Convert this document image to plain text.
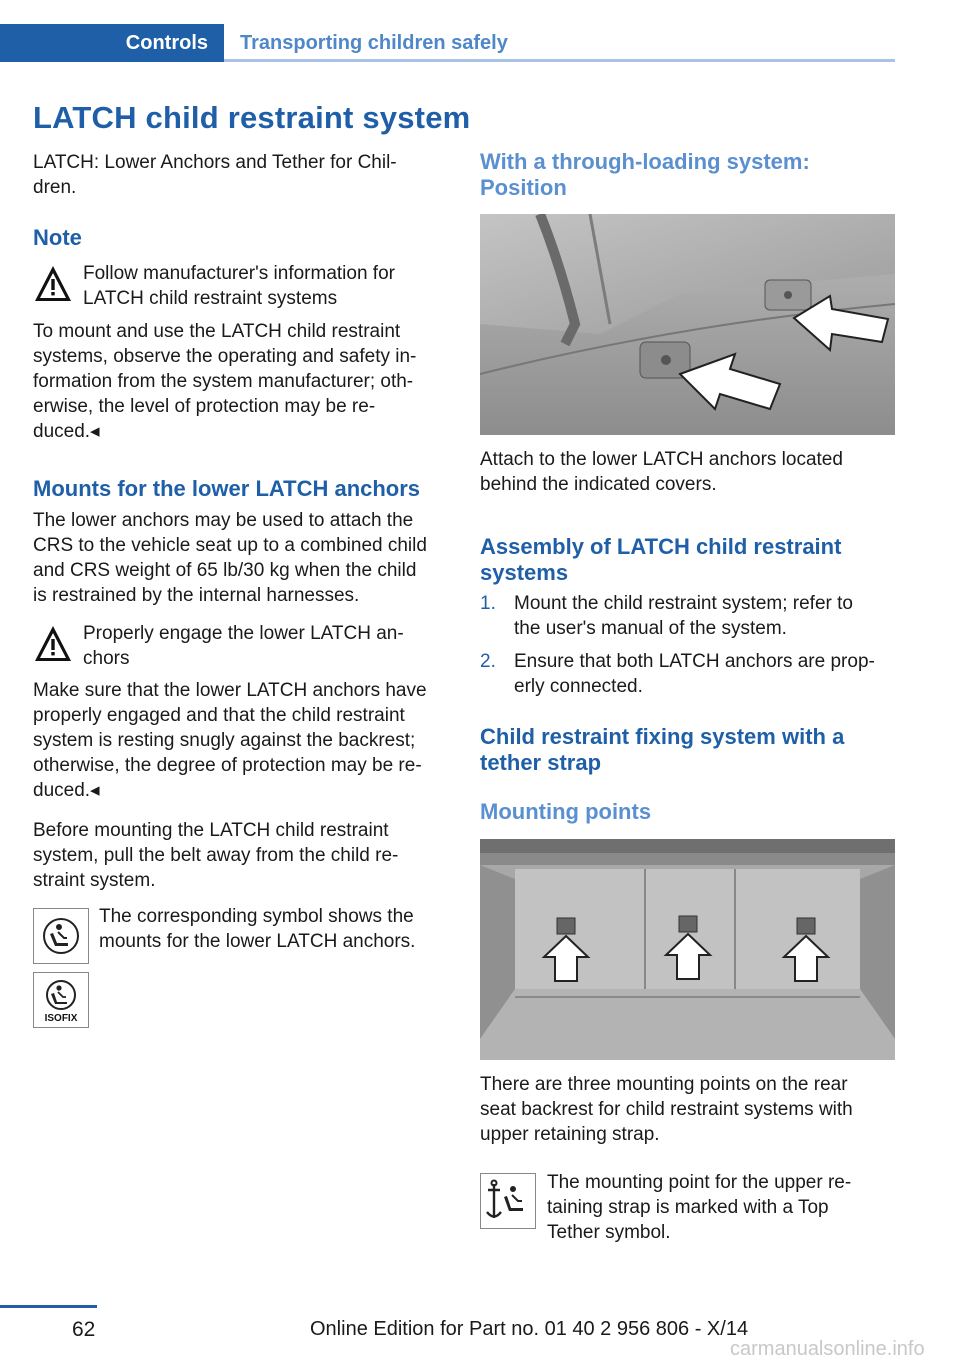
Controls	Transporting children safely
LATCH child restraint system
LATCH: Lower Anchors and Tether for Chil-
dren.
Note
Follow manufacturer's information for
LATCH child restraint systems
To mount and use the LATCH child restraint
systems, observe the operating and safety in-
formation from the system manufacturer; oth-
erwise, the level of protection may be re-
duced.◂
Mounts for the lower LATCH anchors
The lower anchors may be used to attach the
CRS to the vehicle seat up to a combined child
and CRS weight of 65 lb/30 kg when the child
is restrained by the internal harnesses.
Properly engage the lower LATCH an-
chors
Make sure that the lower LATCH anchors have
properly engaged and that the child restraint
system is resting snugly against the backrest;
otherwise, the degree of protection may be re-
duced.◂
Before mounting the LATCH child restraint
system, pull the belt away from the child re-
straint system.
The corresponding symbol shows the
mounts for the lower LATCH anchors.
ISOFIX
With a through-loading system:
Position
Attach to the lower LATCH anchors located
behind the indicated covers.
Assembly of LATCH child restraint
systems
1. Mount the child restraint system; refer to
the user's manual of the system.
2. Ensure that both LATCH anchors are prop-
erly connected.
Child restraint fixing system with a
tether strap
Mounting points
There are three mounting points on the rear
seat backrest for child restraint systems with
upper retaining strap.
The mounting point for the upper re-
taining strap is marked with a Top
Tether symbol.
62	Online Edition for Part no. 01 40 2 956 806 - X/14
carmanualsonline.info
